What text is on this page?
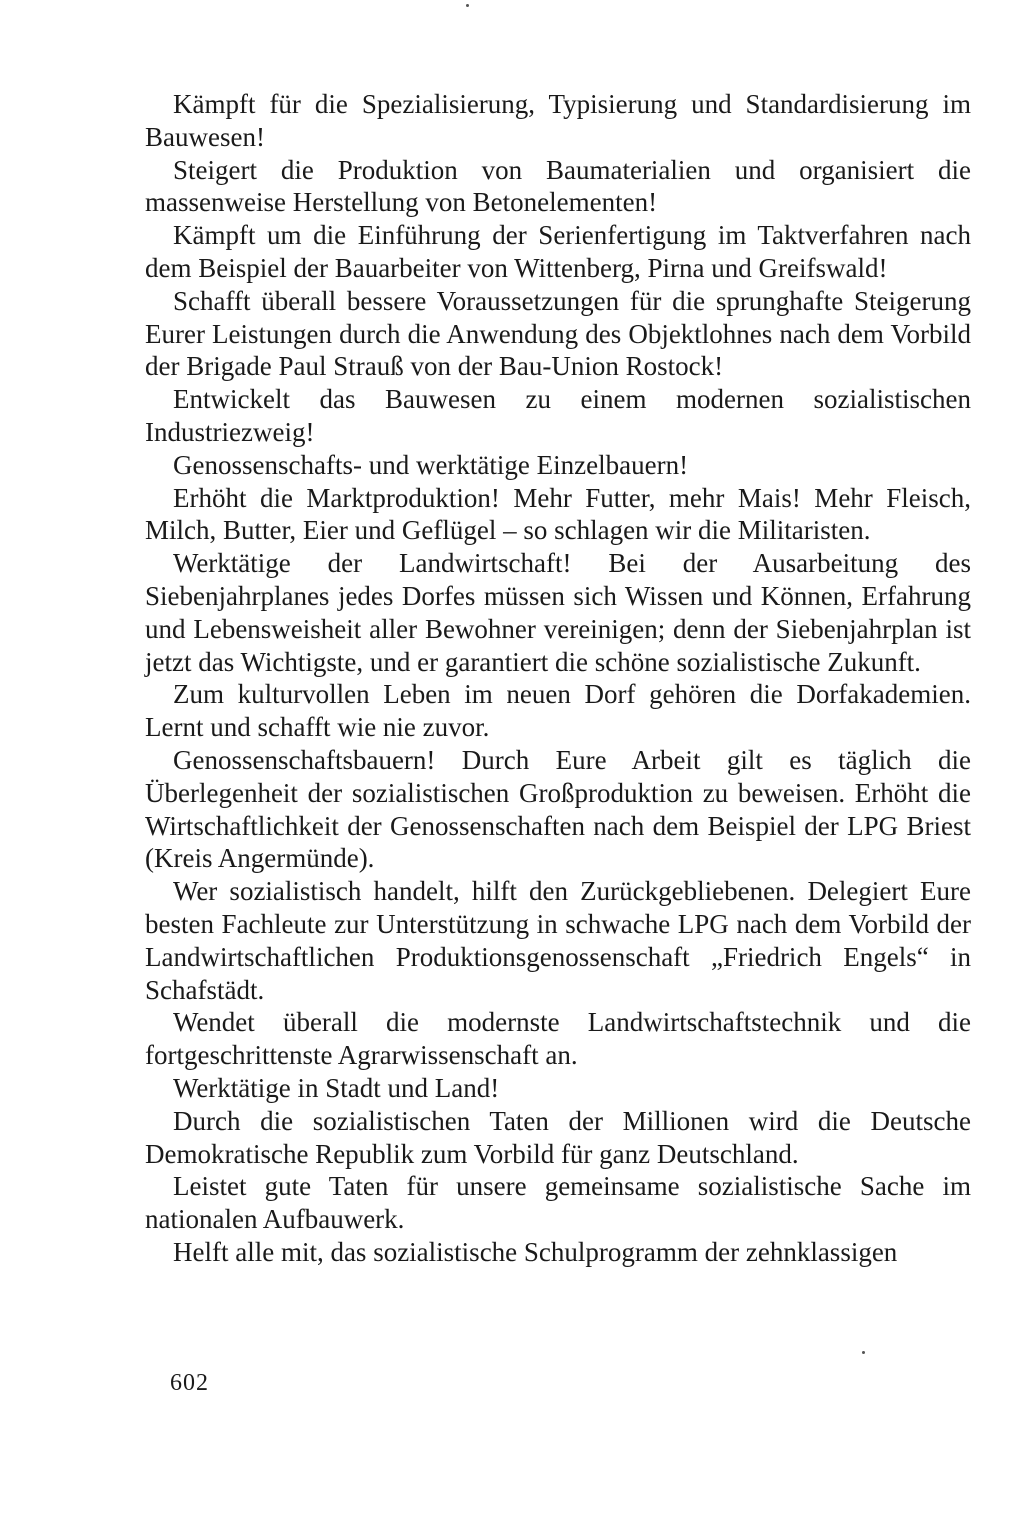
Kämpft für die Spezialisierung, Typisierung und Standardisierung im Bauwesen!

Steigert die Produktion von Baumaterialien und organisiert die massenweise Herstellung von Betonelementen!

Kämpft um die Einführung der Serienfertigung im Taktverfahren nach dem Beispiel der Bauarbeiter von Wittenberg, Pirna und Greifswald!

Schafft überall bessere Voraussetzungen für die sprunghafte Steigerung Eurer Leistungen durch die Anwendung des Objektlohnes nach dem Vorbild der Brigade Paul Strauß von der Bau-Union Rostock!

Entwickelt das Bauwesen zu einem modernen sozialistischen Industriezweig!

Genossenschafts- und werktätige Einzelbauern!

Erhöht die Marktproduktion! Mehr Futter, mehr Mais! Mehr Fleisch, Milch, Butter, Eier und Geflügel – so schlagen wir die Militaristen.

Werktätige der Landwirtschaft! Bei der Ausarbeitung des Siebenjahrplanes jedes Dorfes müssen sich Wissen und Können, Erfahrung und Lebensweisheit aller Bewohner vereinigen; denn der Siebenjahrplan ist jetzt das Wichtigste, und er garantiert die schöne sozialistische Zukunft.

Zum kulturvollen Leben im neuen Dorf gehören die Dorfakademien. Lernt und schafft wie nie zuvor.

Genossenschaftsbauern! Durch Eure Arbeit gilt es täglich die Überlegenheit der sozialistischen Großproduktion zu beweisen. Erhöht die Wirtschaftlichkeit der Genossenschaften nach dem Beispiel der LPG Briest (Kreis Angermünde).

Wer sozialistisch handelt, hilft den Zurückgebliebenen. Delegiert Eure besten Fachleute zur Unterstützung in schwache LPG nach dem Vorbild der Landwirtschaftlichen Produktionsgenossenschaft „Friedrich Engels“ in Schafstädt.

Wendet überall die modernste Landwirtschaftstechnik und die fortgeschrittenste Agrarwissenschaft an.

Werktätige in Stadt und Land!

Durch die sozialistischen Taten der Millionen wird die Deutsche Demokratische Republik zum Vorbild für ganz Deutschland.

Leistet gute Taten für unsere gemeinsame sozialistische Sache im nationalen Aufbauwerk.

Helft alle mit, das sozialistische Schulprogramm der zehnklassigen

602
